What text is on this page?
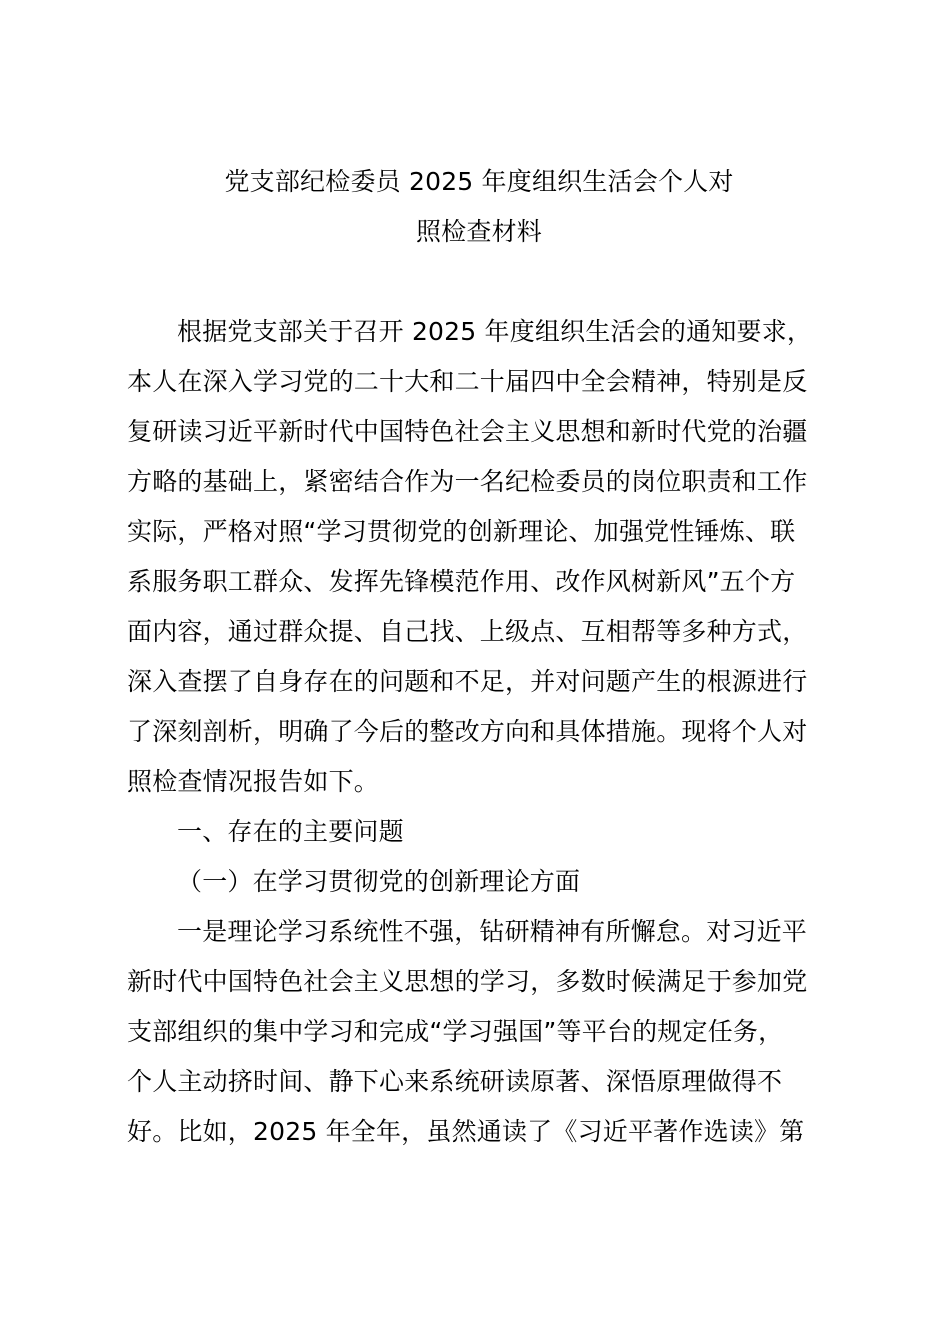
党支部纪检委员 2025 年度组织生活会个人对
照检查材料
根据党支部关于召开 2025 年度组织生活会的通知要求，
本人在深入学习党的二十大和二十届四中全会精神，特别是反
复研读习近平新时代中国特色社会主义思想和新时代党的治疆
方略的基础上，紧密结合作为一名纪检委员的岗位职责和工作
实际，严格对照“学习贯彻党的创新理论、加强党性锤炼、联
系服务职工群众、发挥先锋模范作用、改作风树新风”五个方
面内容，通过群众提、自己找、上级点、互相帮等多种方式，
深入查摆了自身存在的问题和不足，并对问题产生的根源进行
了深刻剖析，明确了今后的整改方向和具体措施。现将个人对
照检查情况报告如下。
一、存在的主要问题
（一）在学习贯彻党的创新理论方面
一是理论学习系统性不强，钻研精神有所懈怠。对习近平
新时代中国特色社会主义思想的学习，多数时候满足于参加党
支部组织的集中学习和完成“学习强国”等平台的规定任务，
个人主动挤时间、静下心来系统研读原著、深悟原理做得不
好。比如，2025 年全年，虽然通读了《习近平著作选读》第
